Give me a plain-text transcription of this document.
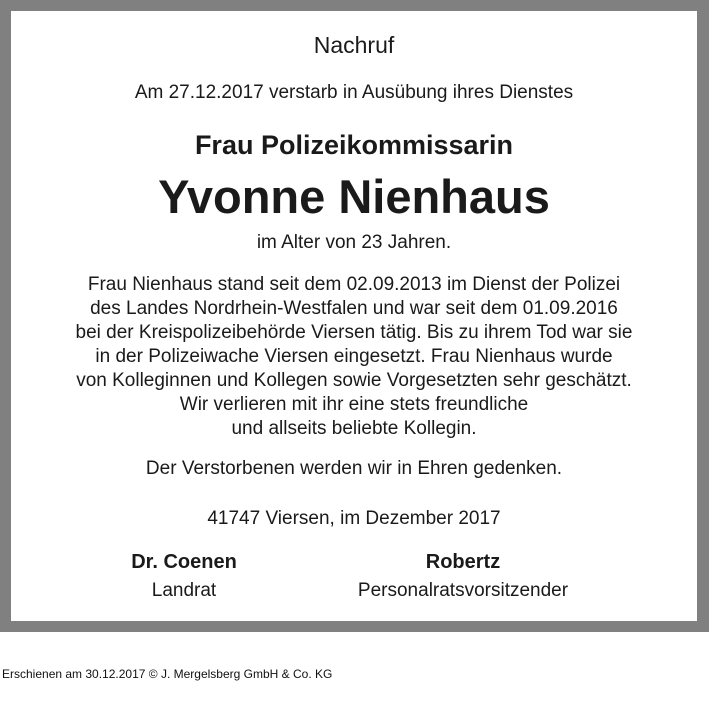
Nachruf

Am 27.12.2017 verstarb in Ausübung ihres Dienstes

Frau Polizeikommissarin

Yvonne Nienhaus

im Alter von 23 Jahren.

Frau Nienhaus stand seit dem 02.09.2013 im Dienst der Polizei
des Landes Nordrhein-Westfalen und war seit dem 01.09.2016
bei der Kreispolizeibehörde Viersen tätig. Bis zu ihrem Tod war sie
in der Polizeiwache Viersen eingesetzt. Frau Nienhaus wurde
von Kolleginnen und Kollegen sowie Vorgesetzten sehr geschätzt.
Wir verlieren mit ihr eine stets freundliche
und allseits beliebte Kollegin.

Der Verstorbenen werden wir in Ehren gedenken.

41747 Viersen, im Dezember 2017

Dr. Coenen
Landrat
Robertz
Personalratsvorsitzender
Erschienen am 30.12.2017 © J. Mergelsberg GmbH & Co. KG
